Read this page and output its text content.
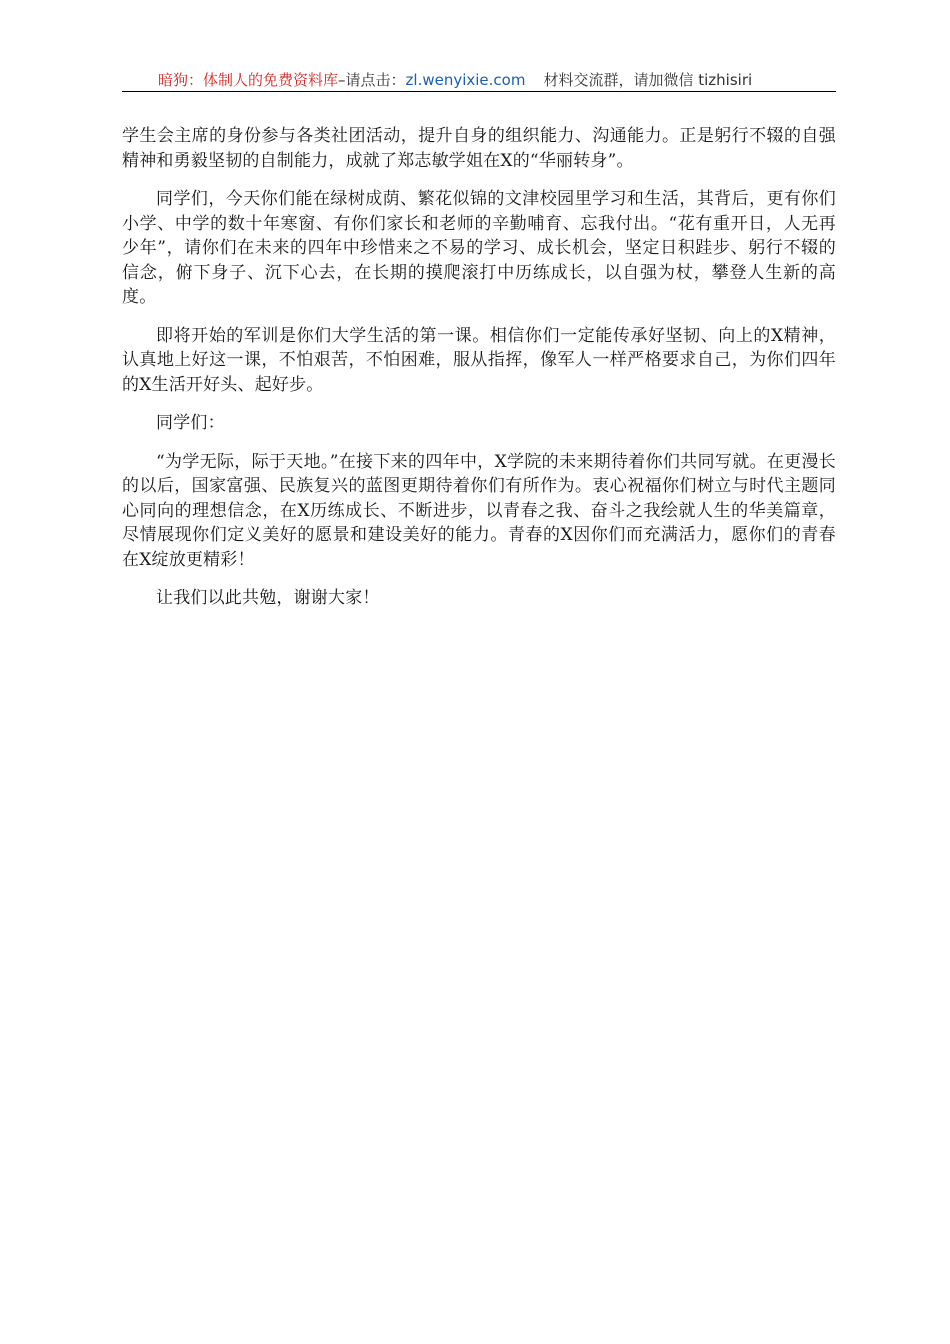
暗狗：体制人的免费资料库–请点击：zl.wenyixie.com 材料交流群，请加微信 tizhisiri

学生会主席的身份参与各类社团活动，提升自身的组织能力、沟通能力。正是躬行不辍的自强精神和勇毅坚韧的自制能力，成就了郑志敏学姐在X的“华丽转身”。

同学们，今天你们能在绿树成荫、繁花似锦的文津校园里学习和生活，其背后，更有你们小学、中学的数十年寒窗、有你们家长和老师的辛勤哺育、忘我付出。“花有重开日，人无再少年”，请你们在未来的四年中珍惜来之不易的学习、成长机会，坚定日积跬步、躬行不辍的信念，俯下身子、沉下心去，在长期的摸爬滚打中历练成长，以自强为杖，攀登人生新的高度。

即将开始的军训是你们大学生活的第一课。相信你们一定能传承好坚韧、向上的X精神，认真地上好这一课，不怕艰苦，不怕困难，服从指挥，像军人一样严格要求自己，为你们四年的X生活开好头、起好步。

同学们：

“为学无际，际于天地。”在接下来的四年中，X学院的未来期待着你们共同写就。在更漫长的以后，国家富强、民族复兴的蓝图更期待着你们有所作为。衷心祝福你们树立与时代主题同心同向的理想信念，在X历练成长、不断进步，以青春之我、奋斗之我绘就人生的华美篇章，尽情展现你们定义美好的愿景和建设美好的能力。青春的X因你们而充满活力，愿你们的青春在X绽放更精彩！

让我们以此共勉，谢谢大家！
